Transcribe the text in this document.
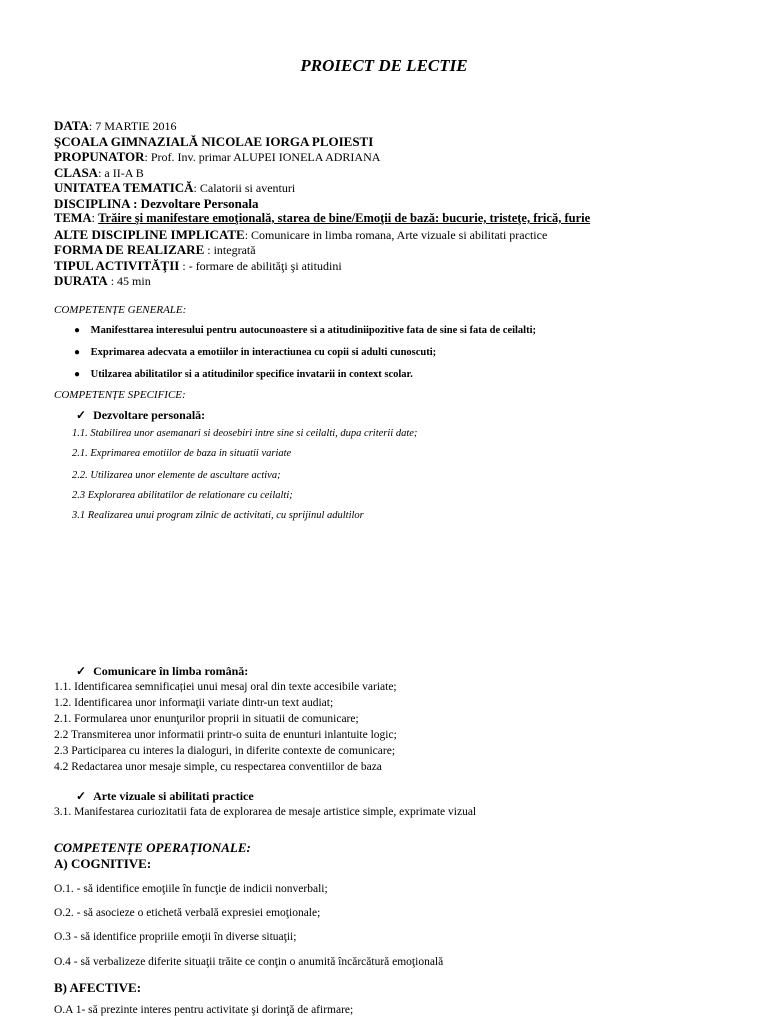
PROIECT DE LECTIE
DATA: 7 MARTIE 2016
ŞCOALA GIMNAZIALĂ NICOLAE IORGA PLOIESTI
PROPUNATOR: Prof. Inv. primar ALUPEI IONELA ADRIANA
CLASA: a II-A B
UNITATEA TEMATICĂ: Calatorii si aventuri
DISCIPLINA : Dezvoltare Personala
TEMA: Trăire şi manifestare emoţională, starea de bine/Emoţii de bază: bucurie, tristeţe, frică, furie
ALTE DISCIPLINE IMPLICATE: Comunicare in limba romana, Arte vizuale si abilitati practice
FORMA DE REALIZARE : integrată
TIPUL ACTIVITĂŢII : - formare de abilităţi şi atitudini
DURATA : 45 min
COMPETENȚE GENERALE:
● Manifesttarea interesului pentru autocunoastere si a atitudiniipozitive fata de sine si fata de ceilalti;
● Exprimarea adecvata a emotiilor in interactiunea cu copii si adulti cunoscuti;
● Utilzarea abilitatilor si a atitudinilor specifice invatarii in context scolar.
COMPETENȚE SPECIFICE:
✓ Dezvoltare personală:
1.1. Stabilirea unor asemanari si deosebiri intre sine si ceilalti, dupa criterii date;
2.1. Exprimarea emotiilor de baza in situatii variate
2.2. Utilizarea unor elemente de ascultare activa;
2.3 Explorarea abilitatilor de relationare cu ceilalti;
3.1 Realizarea unui program zilnic de activitati, cu sprijinul adultilor
✓ Comunicare în limba română:
1.1. Identificarea semnificației unui mesaj oral din texte accesibile variate;
1.2. Identificarea unor informaţii variate dintr-un text audiat;
2.1. Formularea unor enunţurilor proprii in situatii de comunicare;
2.2 Transmiterea unor informatii printr-o suita de enunturi inlantuite logic;
2.3 Participarea cu interes la dialoguri, in diferite contexte de comunicare;
4.2 Redactarea unor mesaje simple, cu respectarea conventiilor de baza
✓ Arte vizuale si abilitati practice
3.1. Manifestarea curiozitatii fata de explorarea de mesaje artistice simple, exprimate vizual
COMPETENȚE OPERAȚIONALE:
A) COGNITIVE:
O.1. - să identifice emoţiile în funcţie de indicii nonverbali;
O.2. - să asocieze o etichetă verbală expresiei emoţionale;
O.3 - să identifice propriile emoţii în diverse situaţii;
O.4 - să verbalizeze diferite situaţii trăite ce conţin o anumită încărcătură emoţională
B) AFECTIVE:
O.A 1- să prezinte interes pentru activitate şi dorinţă de afirmare;
